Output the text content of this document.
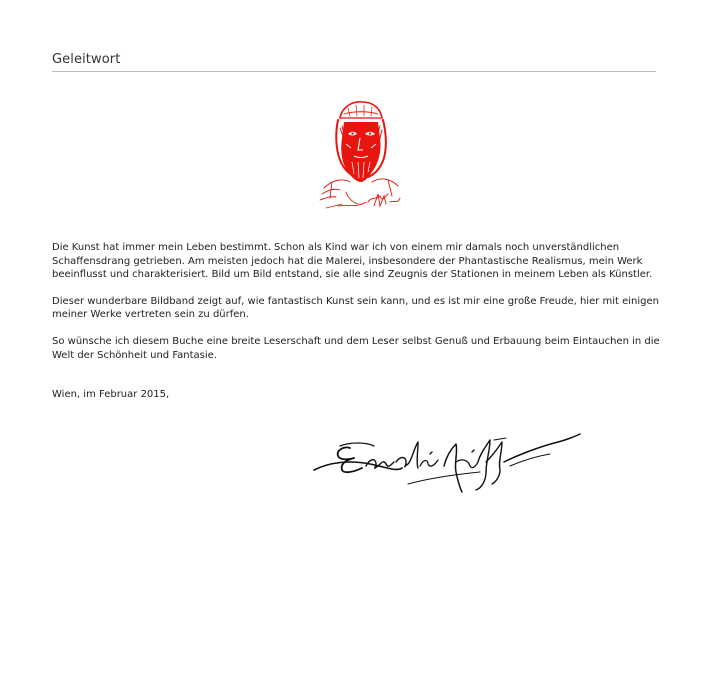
Geleitwort

Die Kunst hat immer mein Leben bestimmt. Schon als Kind war ich von einem mir damals noch unverständlichen Schaffensdrang getrieben. Am meisten jedoch hat die Malerei, insbesondere der Phantastische Realismus, mein Werk beeinflusst und charakterisiert. Bild um Bild entstand, sie alle sind Zeugnis der Stationen in meinem Leben als Künstler.

Dieser wunderbare Bildband zeigt auf, wie fantastisch Kunst sein kann, und es ist mir eine große Freude, hier mit einigen meiner Werke vertreten sein zu dürfen.

So wünsche ich diesem Buche eine breite Leserschaft und dem Leser selbst Genuß und Erbauung beim Eintauchen in die Welt der Schönheit und Fantasie.

Wien, im Februar 2015,
